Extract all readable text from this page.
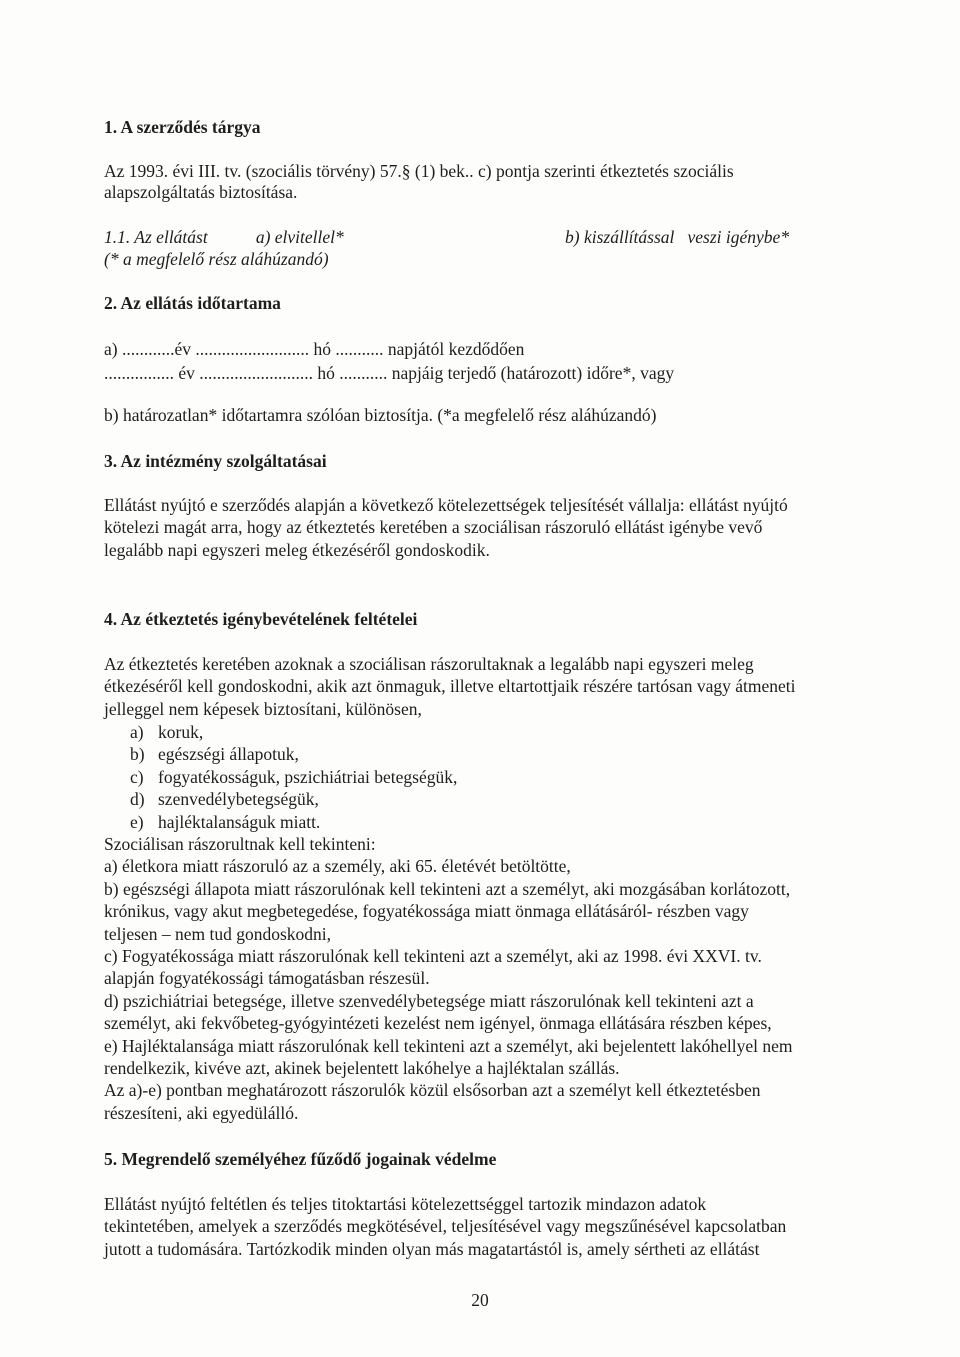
1. A szerződés tárgya
Az 1993. évi III. tv. (szociális törvény) 57.§ (1) bek.. c) pontja szerinti étkeztetés szociális
alapszolgáltatás biztosítása.
1.1. Az ellátást           a) elvitellel*	b) kiszállítással   veszi igénybe*
(* a megfelelő rész aláhúzandó)
2. Az ellátás időtartama
a) ............év .......................... hó ........... napjától kezdődően
................ év .......................... hó ........... napjáig terjedő (határozott) időre*, vagy
b) határozatlan* időtartamra szólóan biztosítja. (*a megfelelő rész aláhúzandó)
3. Az intézmény szolgáltatásai

Ellátást nyújtó e szerződés alapján a következő kötelezettségek teljesítését vállalja: ellátást nyújtó

kötelezi magát arra, hogy az étkeztetés keretében a szociálisan rászoruló ellátást igénybe vevő

legalább napi egyszeri meleg étkezéséről gondoskodik.

4. Az étkeztetés igénybevételének feltételei

Az étkeztetés keretében azoknak a szociálisan rászorultaknak a legalább napi egyszeri meleg

étkezéséről kell gondoskodni, akik azt önmaguk, illetve eltartottjaik részére tartósan vagy átmeneti

jelleggel nem képesek biztosítani, különösen,

a) koruk,
b) egészségi állapotuk,
c) fogyatékosságuk, pszichiátriai betegségük,
d) szenvedélybetegségük,
e) hajléktalanságuk miatt.

Szociálisan rászorultnak kell tekinteni:

a) életkora miatt rászoruló az a személy, aki 65. életévét betöltötte,

b) egészségi állapota miatt rászorulónak kell tekinteni azt a személyt, aki mozgásában korlátozott,

krónikus, vagy akut megbetegedése, fogyatékossága miatt önmaga ellátásáról- részben vagy

teljesen – nem tud gondoskodni,

c) Fogyatékossága miatt rászorulónak kell tekinteni azt a személyt, aki az 1998. évi XXVI. tv.

alapján fogyatékossági támogatásban részesül.

d) pszichiátriai betegsége, illetve szenvedélybetegsége miatt rászorulónak kell tekinteni azt a

személyt, aki fekvőbeteg-gyógyintézeti kezelést nem igényel, önmaga ellátására részben képes,

e) Hajléktalansága miatt rászorulónak kell tekinteni azt a személyt, aki bejelentett lakóhellyel nem

rendelkezik, kivéve azt, akinek bejelentett lakóhelye a hajléktalan szállás.

Az a)-e) pontban meghatározott rászorulók közül elsősorban azt a személyt kell étkeztetésben

részesíteni, aki egyedülálló.

5. Megrendelő személyéhez fűződő jogainak védelme

Ellátást nyújtó feltétlen és teljes titoktartási kötelezettséggel tartozik mindazon adatok

tekintetében, amelyek a szerződés megkötésével, teljesítésével vagy megszűnésével kapcsolatban

jutott a tudomására. Tartózkodik minden olyan más magatartástól is, amely sértheti az ellátást

20
